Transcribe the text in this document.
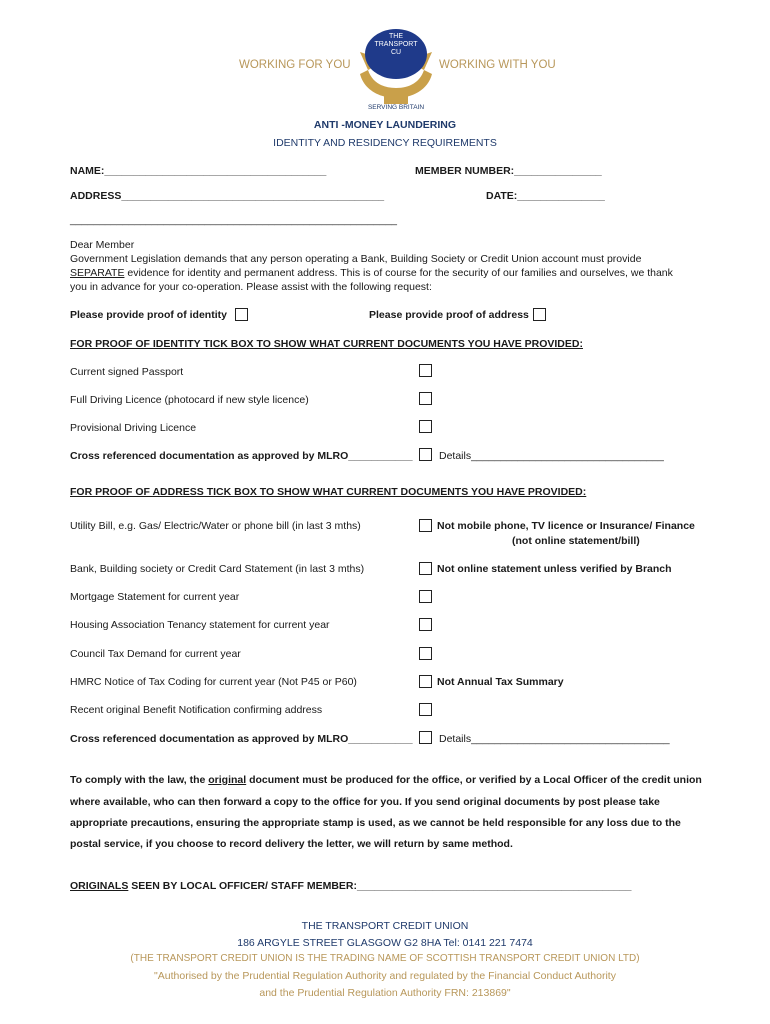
WORKING FOR YOU	WORKING WITH YOU
THE
TRANSPORT
CU
SERVING BRITAIN
ANTI -MONEY LAUNDERING
IDENTITY AND RESIDENCY REQUIREMENTS
NAME:______________________________________	MEMBER NUMBER:_______________
ADDRESS_____________________________________________	DATE:_______________
________________________________________________________
Dear Member
Government Legislation demands that any person operating a Bank, Building Society or Credit Union account must provide
SEPARATE evidence for identity and permanent address. This is of course for the security of our families and ourselves, we thank
you in advance for your co-operation. Please assist with the following request:
Please provide proof of identity	Please provide proof of address
FOR PROOF OF IDENTITY TICK BOX TO SHOW WHAT CURRENT DOCUMENTS YOU HAVE PROVIDED:
Current signed Passport
Full Driving Licence (photocard if new style licence)
Provisional Driving Licence
Cross referenced documentation as approved by MLRO___________	Details_________________________________
FOR PROOF OF ADDRESS TICK BOX TO SHOW WHAT CURRENT DOCUMENTS YOU HAVE PROVIDED:
Utility Bill, e.g. Gas/ Electric/Water or phone bill (in last 3 mths)	Not mobile phone, TV licence or Insurance/ Finance
(not online statement/bill)
Bank, Building society or Credit Card Statement (in last 3 mths)	Not online statement unless verified by Branch
Mortgage Statement for current year
Housing Association Tenancy statement for current year
Council Tax Demand for current year
HMRC Notice of Tax Coding for current year (Not P45 or P60)	Not Annual Tax Summary
Recent original Benefit Notification confirming address
Cross referenced documentation as approved by MLRO___________	Details__________________________________
To comply with the law, the original document must be produced for the office, or verified by a Local Officer of the credit union
where available, who can then forward a copy to the office for you. If you send original documents by post please take
appropriate precautions, ensuring the appropriate stamp is used, as we cannot be held responsible for any loss due to the
postal service, if you choose to record delivery the letter, we will return by same method.
ORIGINALS SEEN BY LOCAL OFFICER/ STAFF MEMBER:_______________________________________________
THE TRANSPORT CREDIT UNION
186 ARGYLE STREET GLASGOW G2 8HA Tel: 0141 221 7474
(THE TRANSPORT CREDIT UNION IS THE TRADING NAME OF SCOTTISH TRANSPORT CREDIT UNION LTD)
"Authorised by the Prudential Regulation Authority and regulated by the Financial Conduct Authority
and the Prudential Regulation Authority FRN: 213869"
